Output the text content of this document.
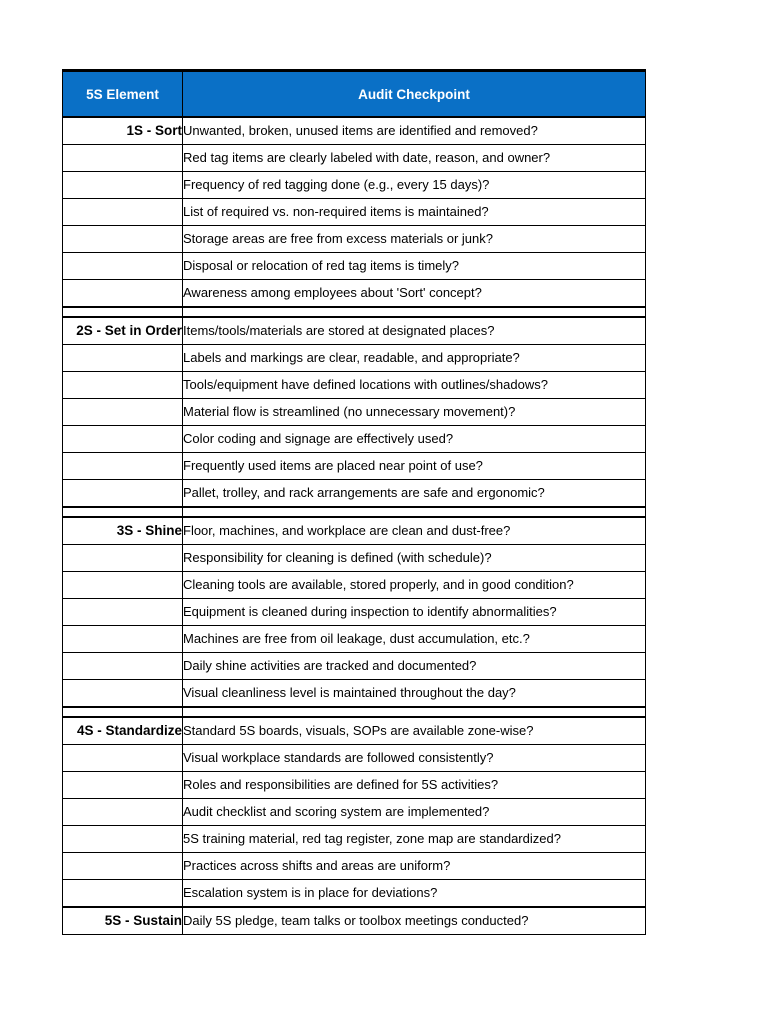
5S Element	Audit Checkpoint
1S - Sort	Unwanted, broken, unused items are identified and removed?
	Red tag items are clearly labeled with date, reason, and owner?
	Frequency of red tagging done (e.g., every 15 days)?
	List of required vs. non-required items is maintained?
	Storage areas are free from excess materials or junk?
	Disposal or relocation of red tag items is timely?
	Awareness among employees about 'Sort' concept?

2S - Set in Order	Items/tools/materials are stored at designated places?
	Labels and markings are clear, readable, and appropriate?
	Tools/equipment have defined locations with outlines/shadows?
	Material flow is streamlined (no unnecessary movement)?
	Color coding and signage are effectively used?
	Frequently used items are placed near point of use?
	Pallet, trolley, and rack arrangements are safe and ergonomic?

3S - Shine	Floor, machines, and workplace are clean and dust-free?
	Responsibility for cleaning is defined (with schedule)?
	Cleaning tools are available, stored properly, and in good condition?
	Equipment is cleaned during inspection to identify abnormalities?
	Machines are free from oil leakage, dust accumulation, etc.?
	Daily shine activities are tracked and documented?
	Visual cleanliness level is maintained throughout the day?

4S - Standardize	Standard 5S boards, visuals, SOPs are available zone-wise?
	Visual workplace standards are followed consistently?
	Roles and responsibilities are defined for 5S activities?
	Audit checklist and scoring system are implemented?
	5S training material, red tag register, zone map are standardized?
	Practices across shifts and areas are uniform?
	Escalation system is in place for deviations?
5S - Sustain	Daily 5S pledge, team talks or toolbox meetings conducted?
